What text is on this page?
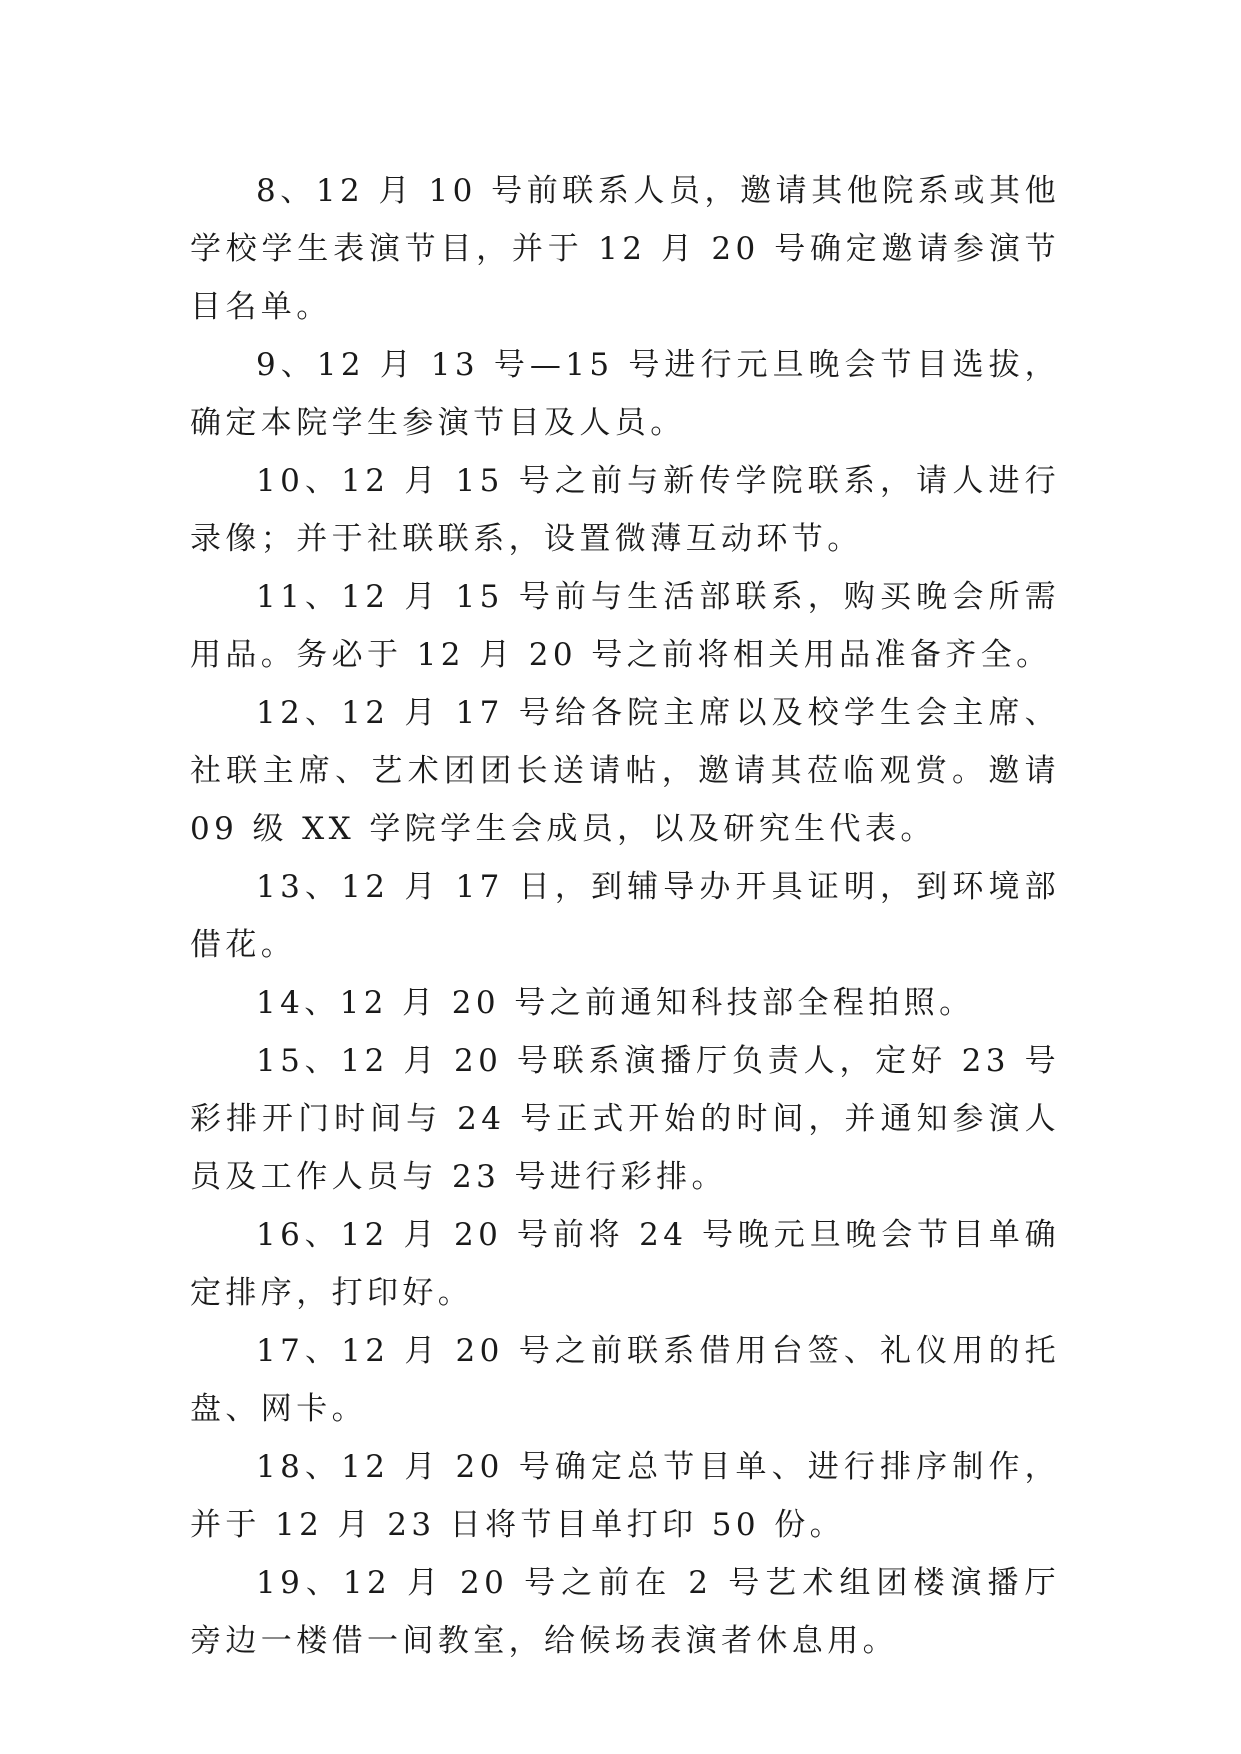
8、12 月 10 号前联系人员，邀请其他院系或其他学校学生表演节目，并于 12 月 20 号确定邀请参演节目名单。

9、12 月 13 号—15 号进行元旦晚会节目选拔，确定本院学生参演节目及人员。

10、12 月 15 号之前与新传学院联系，请人进行录像；并于社联联系，设置微薄互动环节。

11、12 月 15 号前与生活部联系，购买晚会所需用品。务必于 12 月 20 号之前将相关用品准备齐全。

12、12 月 17 号给各院主席以及校学生会主席、社联主席、艺术团团长送请帖，邀请其莅临观赏。邀请 09 级 XX 学院学生会成员，以及研究生代表。

13、12 月 17 日，到辅导办开具证明，到环境部借花。

14、12 月 20 号之前通知科技部全程拍照。

15、12 月 20 号联系演播厅负责人，定好 23 号彩排开门时间与 24 号正式开始的时间，并通知参演人员及工作人员与 23 号进行彩排。

16、12 月 20 号前将 24 号晚元旦晚会节目单确定排序，打印好。

17、12 月 20 号之前联系借用台签、礼仪用的托盘、网卡。

18、12 月 20 号确定总节目单、进行排序制作，并于 12 月 23 日将节目单打印 50 份。

19、12 月 20 号之前在 2 号艺术组团楼演播厅旁边一楼借一间教室，给候场表演者休息用。
